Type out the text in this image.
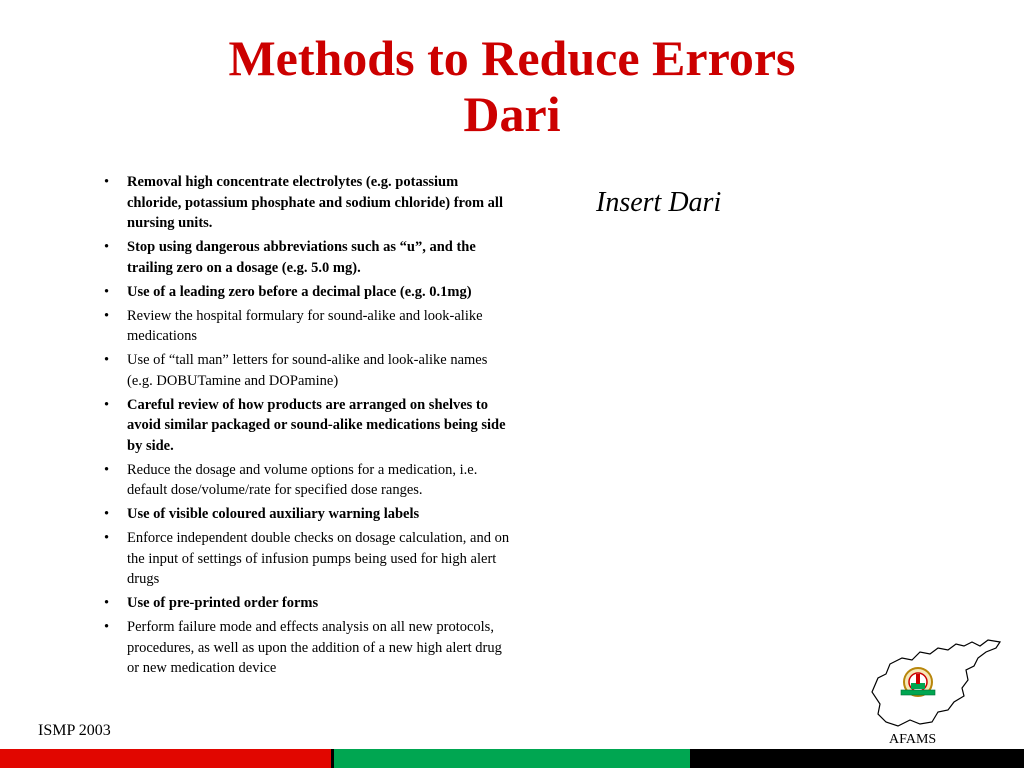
Methods to Reduce Errors
Dari
• Removal high concentrate electrolytes (e.g. potassium chloride, potassium phosphate and sodium chloride) from all nursing units.
• Stop using dangerous abbreviations such as “u”, and the trailing zero on a dosage (e.g. 5.0 mg).
• Use of a leading zero before a decimal place (e.g. 0.1mg)
• Review the hospital formulary for sound-alike and look-alike medications
• Use of “tall man” letters for sound-alike and look-alike names (e.g. DOBUTamine and DOPamine)
• Careful review of how products are arranged on shelves to avoid similar packaged or sound-alike medications being side by side.
• Reduce the dosage and volume options for a medication, i.e. default dose/volume/rate for specified dose ranges.
• Use of visible coloured auxiliary warning labels
• Enforce independent double checks on dosage calculation, and on the input of settings of infusion pumps being used for high alert drugs
• Use of pre-printed order forms
• Perform failure mode and effects analysis on all new protocols, procedures, as well as upon the addition of a new high alert drug or new medication device
Insert Dari
ISMP 2003
AFAMS
